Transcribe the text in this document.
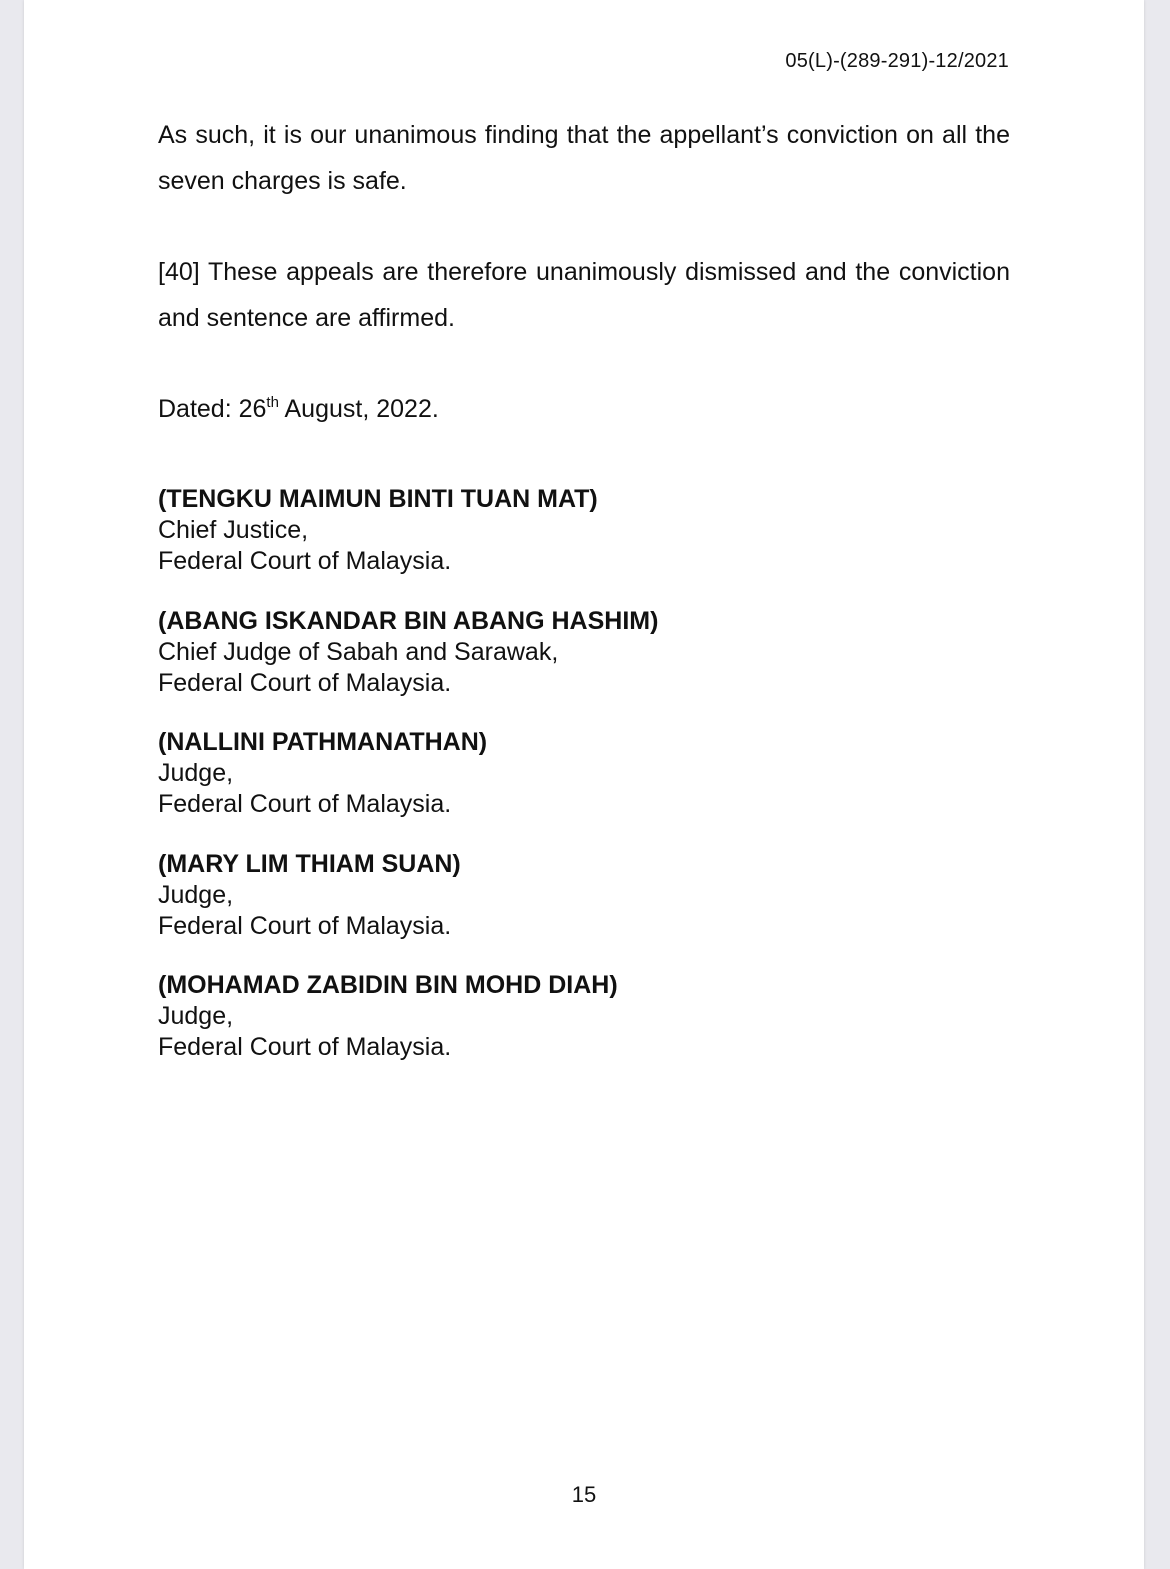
05(L)-(289-291)-12/2021

As such, it is our unanimous finding that the appellant’s conviction on all the seven charges is safe.

[40] These appeals are therefore unanimously dismissed and the conviction and sentence are affirmed.

Dated: 26th August, 2022.

(TENGKU MAIMUN BINTI TUAN MAT)
Chief Justice,
Federal Court of Malaysia.
(ABANG ISKANDAR BIN ABANG HASHIM)
Chief Judge of Sabah and Sarawak,
Federal Court of Malaysia.
(NALLINI PATHMANATHAN)
Judge,
Federal Court of Malaysia.
(MARY LIM THIAM SUAN)
Judge,
Federal Court of Malaysia.
(MOHAMAD ZABIDIN BIN MOHD DIAH)
Judge,
Federal Court of Malaysia.
15
